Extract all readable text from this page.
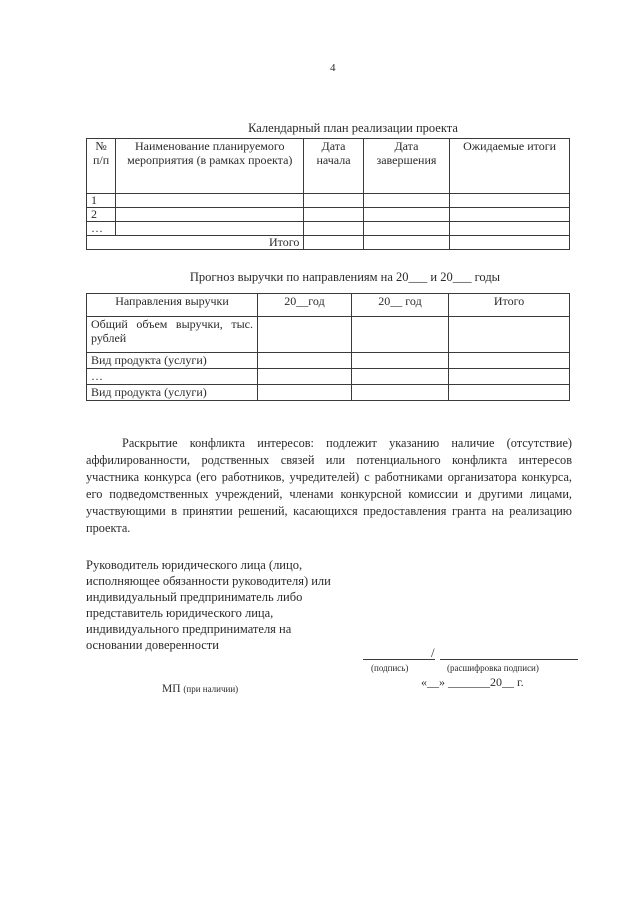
4
Календарный план реализации проекта
№ п/п	Наименование планируемого мероприятия (в рамках проекта)	Дата начала	Дата завершения	Ожидаемые итоги
1				
2				
…				
Итого				
Прогноз выручки по направлениям на 20___ и 20___ годы
Направления выручки	20__год	20__ год	Итого
Общий объем выручки, тыс. рублей			
Вид продукта (услуги)			
…			
Вид продукта (услуги)			
Раскрытие конфликта интересов: подлежит указанию наличие (отсутствие) аффилированности, родственных связей или потенциального конфликта интересов участника конкурса (его работников, учредителей) с работниками организатора конкурса, его подведомственных учреждений, членами конкурсной комиссии и другими лицами, участвующими в принятии решений, касающихся предоставления гранта на реализацию проекта.
Руководитель юридического лица (лицо, исполняющее обязанности руководителя) или индивидуальный предприниматель либо представитель юридического лица, индивидуального предпринимателя на основании доверенности	/
(подпись)	(расшифровка подписи)
«__» _______20__ г.
МП (при наличии)
